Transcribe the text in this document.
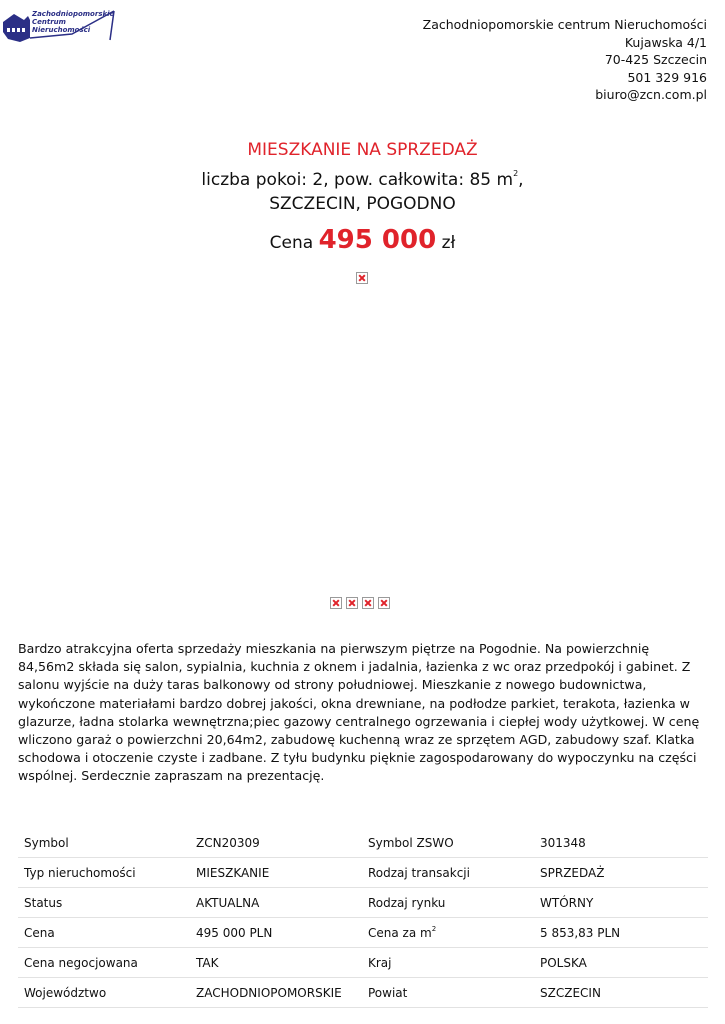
Zachodniopomorskie
Centrum
Nieruchomości	Zachodniopomorskie centrum Nieruchomości
Kujawska 4/1
70-425 Szczecin
501 329 916
biuro@zcn.com.pl
MIESZKANIE NA SPRZEDAŻ
liczba pokoi: 2, pow. całkowita: 85 $m^2$,
SZCZECIN, POGODNO
Cena 495 000 zł

Bardzo atrakcyjna oferta sprzedaży mieszkania na pierwszym piętrze na Pogodnie. Na powierzchnię 84,56m2 składa się salon, sypialnia, kuchnia z oknem i jadalnia, łazienka z wc oraz przedpokój i gabinet. Z salonu wyjście na duży taras balkonowy od strony południowej. Mieszkanie z nowego budownictwa, wykończone materiałami bardzo dobrej jakości, okna drewniane, na podłodze parkiet, terakota, łazienka w glazurze, ładna stolarka wewnętrzna;piec gazowy centralnego ogrzewania i ciepłej wody użytkowej. W cenę wliczono garaż o powierzchni 20,64m2, zabudowę kuchenną wraz ze sprzętem AGD, zabudowy szaf. Klatka schodowa i otoczenie czyste i zadbane. Z tyłu budynku pięknie zagospodarowany do wypoczynku na części wspólnej. Serdecznie zapraszam na prezentację.

Symbol	ZCN20309	Symbol ZSWO	301348
Typ nieruchomości	MIESZKANIE	Rodzaj transakcji	SPRZEDAŻ
Status	AKTUALNA	Rodzaj rynku	WTÓRNY
Cena	495 000 PLN	Cena za $m^2$	5 853,83 PLN
Cena negocjowana	TAK	Kraj	POLSKA
Województwo	ZACHODNIOPOMORSKIE	Powiat	SZCZECIN
